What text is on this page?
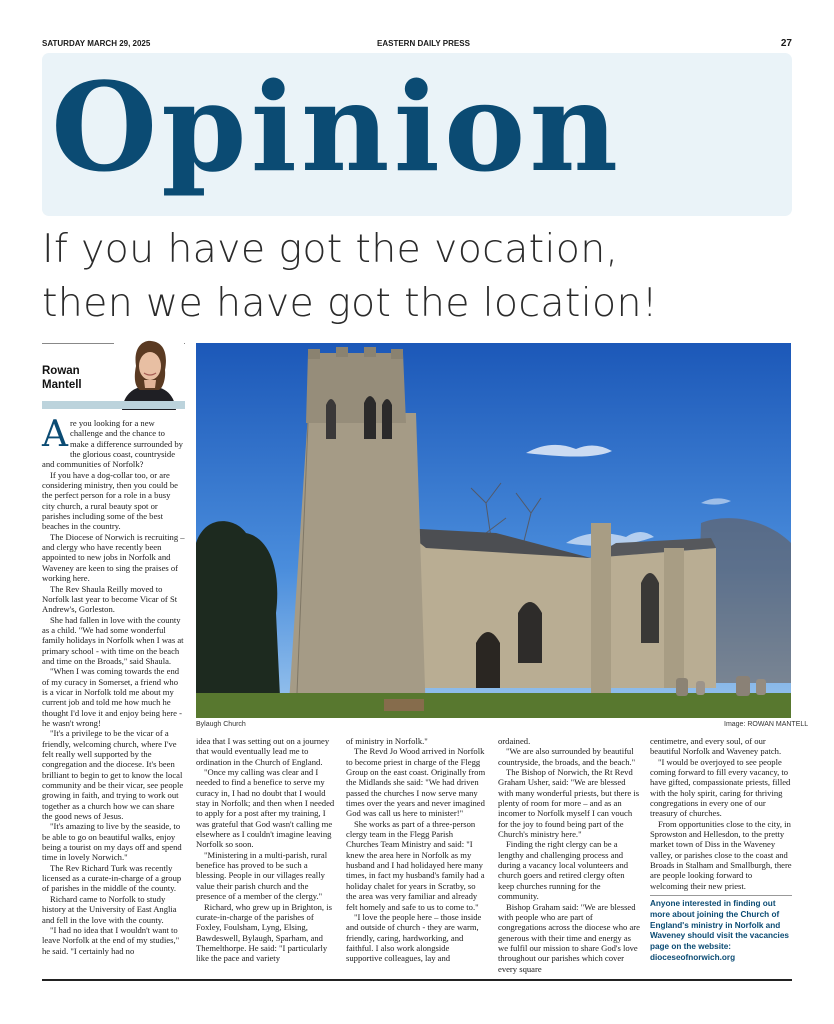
SATURDAY MARCH 29, 2025	EASTERN DAILY PRESS	27
Opinion
If you have got the vocation,
then we have got the location!
Rowan
Mantell
A re you looking for a new challenge and the chance to make a difference surrounded by the glorious coast, countryside and communities of Norfolk?

If you have a dog-collar too, or are considering ministry, then you could be the perfect person for a role in a busy city church, a rural beauty spot or parishes including some of the best beaches in the country.

The Diocese of Norwich is recruiting – and clergy who have recently been appointed to new jobs in Norfolk and Waveney are keen to sing the praises of working here.

The Rev Shaula Reilly moved to Norfolk last year to become Vicar of St Andrew's, Gorleston.

She had fallen in love with the county as a child. "We had some wonderful family holidays in Norfolk when I was at primary school - with time on the beach and time on the Broads," said Shaula.

"When I was coming towards the end of my curacy in Somerset, a friend who is a vicar in Norfolk told me about my current job and told me how much he thought I'd love it and enjoy being here - he wasn't wrong!

"It's a privilege to be the vicar of a friendly, welcoming church, where I've felt really well supported by the congregation and the diocese. It's been brilliant to begin to get to know the local community and be their vicar, see people growing in faith, and trying to work out together as a church how we can share the good news of Jesus.

"It's amazing to live by the seaside, to be able to go on beautiful walks, enjoy being a tourist on my days off and spend time in lovely Norwich."

The Rev Richard Turk was recently licensed as a curate-in-charge of a group of parishes in the middle of the county.

Richard came to Norfolk to study history at the University of East Anglia and fell in the love with the county.

"I had no idea that I wouldn't want to leave Norfolk at the end of my studies," he said. "I certainly had no

Bylaugh Church	Image: ROWAN MANTELL

idea that I was setting out on a journey that would eventually lead me to ordination in the Church of England.

"Once my calling was clear and I needed to find a benefice to serve my curacy in, I had no doubt that I would stay in Norfolk; and then when I needed to apply for a post after my training, I was grateful that God wasn't calling me elsewhere as I couldn't imagine leaving Norfolk so soon.

"Ministering in a multi-parish, rural benefice has proved to be such a blessing. People in our villages really value their parish church and the presence of a member of the clergy."

Richard, who grew up in Brighton, is curate-in-charge of the parishes of Foxley, Foulsham, Lyng, Elsing, Bawdeswell, Bylaugh, Sparham, and Themelthorpe. He said: "I particularly like the pace and variety

of ministry in Norfolk."

The Revd Jo Wood arrived in Norfolk to become priest in charge of the Flegg Group on the east coast. Originally from the Midlands she said: "We had driven passed the churches I now serve many times over the years and never imagined God was call us here to minister!"

She works as part of a three-person clergy team in the Flegg Parish Churches Team Ministry and said: "I knew the area here in Norfolk as my husband and I had holidayed here many times, in fact my husband's family had a holiday chalet for years in Scratby, so the area was very familiar and already felt homely and safe to us to come to."

"I love the people here – those inside and outside of church - they are warm, friendly, caring, hardworking, and faithful. I also work alongside supportive colleagues, lay and

ordained.

"We are also surrounded by beautiful countryside, the broads, and the beach."

The Bishop of Norwich, the Rt Revd Graham Usher, said: "We are blessed with many wonderful priests, but there is plenty of room for more – and as an incomer to Norfolk myself I can vouch for the joy to found being part of the Church's ministry here."

Finding the right clergy can be a lengthy and challenging process and during a vacancy local volunteers and church goers and retired clergy often keep churches running for the community.

Bishop Graham said: "We are blessed with people who are part of congregations across the diocese who are generous with their time and energy as we fulfil our mission to share God's love throughout our parishes which cover every square

centimetre, and every soul, of our beautiful Norfolk and Waveney patch.

"I would be overjoyed to see people coming forward to fill every vacancy, to have gifted, compassionate priests, filled with the holy spirit, caring for thriving congregations in every one of our treasury of churches.

From opportunities close to the city, in Sprowston and Hellesdon, to the pretty market town of Diss in the Waveney valley, or parishes close to the coast and Broads in Stalham and Smallburgh, there are people looking forward to welcoming their new priest.

Anyone interested in finding out more about joining the Church of England's ministry in Norfolk and Waveney should visit the vacancies page on the website: dioceseofnorwich.org
